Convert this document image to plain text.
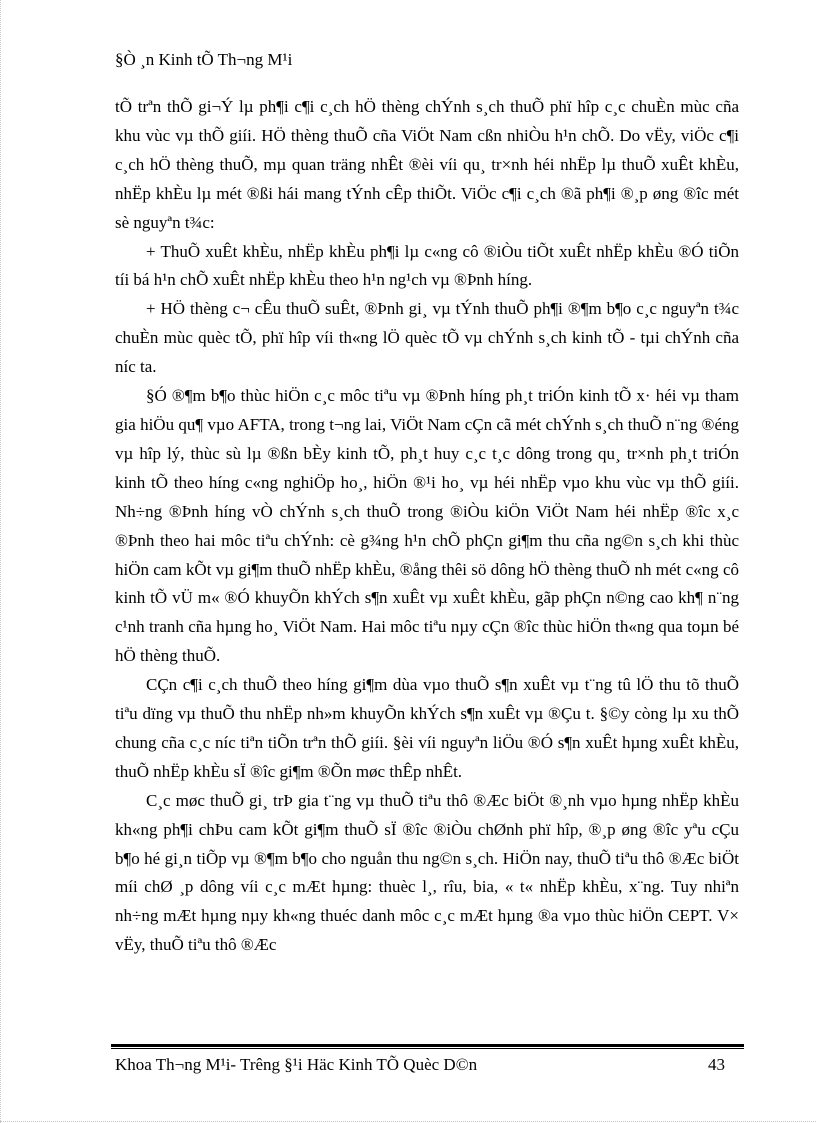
§Ò ¸n Kinh tÕ Th¬ng M¹i

tÕ trªn thÕ gi¬Ý lµ ph¶i c¶i c¸ch hÖ thèng chÝnh s¸ch thuÕ phï hîp c¸c chuÈn mùc cña khu vùc vµ thÕ giíi. HÖ thèng thuÕ cña ViÖt Nam cßn nhiÒu h¹n chÕ. Do vËy, viÖc c¶i c¸ch hÖ thèng thuÕ, mµ quan träng nhÊt ®èi víi qu¸ tr×nh héi nhËp lµ thuÕ xuÊt khÈu, nhËp khÈu lµ mét ®ßi hái mang tÝnh cÊp thiÕt. ViÖc c¶i c¸ch ®ã ph¶i ®¸p øng ®îc mét sè nguyªn t¾c:

+ ThuÕ xuÊt khÈu, nhËp khÈu ph¶i lµ c«ng cô ®iÒu tiÕt xuÊt nhËp khÈu ®Ó tiÕn tíi bá h¹n chÕ xuÊt nhËp khÈu theo h¹n ng¹ch vµ ®Þnh híng.

+ HÖ thèng c¬ cÊu thuÕ suÊt, ®Þnh gi¸ vµ tÝnh thuÕ ph¶i ®¶m b¶o c¸c nguyªn t¾c chuÈn mùc quèc tÕ, phï hîp víi th«ng lÖ quèc tÕ vµ chÝnh s¸ch kinh tÕ - tµi chÝnh cña níc ta.

§Ó ®¶m b¶o thùc hiÖn c¸c môc tiªu vµ ®Þnh híng ph¸t triÓn kinh tÕ x· héi vµ tham gia hiÖu qu¶ vµo AFTA, trong t¬ng lai, ViÖt Nam cÇn cã mét chÝnh s¸ch thuÕ n¨ng ®éng vµ hîp lý, thùc sù lµ ®ßn bÈy kinh tÕ, ph¸t huy c¸c t¸c dông trong qu¸ tr×nh ph¸t triÓn kinh tÕ theo híng c«ng nghiÖp ho¸, hiÖn ®¹i ho¸ vµ héi nhËp vµo khu vùc vµ thÕ giíi. Nh÷ng ®Þnh híng vÒ chÝnh s¸ch thuÕ trong ®iÒu kiÖn ViÖt Nam héi nhËp ®îc x¸c ®Þnh theo hai môc tiªu chÝnh: cè g¾ng h¹n chÕ phÇn gi¶m thu cña ng©n s¸ch khi thùc hiÖn cam kÕt vµ gi¶m thuÕ nhËp khÈu, ®ång thêi sö dông hÖ thèng thuÕ nh mét c«ng cô kinh tÕ vÜ m« ®Ó khuyÕn khÝch s¶n xuÊt vµ xuÊt khÈu, gãp phÇn n©ng cao kh¶ n¨ng c¹nh tranh cña hµng ho¸ ViÖt Nam. Hai môc tiªu nµy cÇn ®îc thùc hiÖn th«ng qua toµn bé hÖ thèng thuÕ.

CÇn c¶i c¸ch thuÕ theo híng gi¶m dùa vµo thuÕ s¶n xuÊt vµ t¨ng tû lÖ thu tõ thuÕ tiªu dïng vµ thuÕ thu nhËp nh»m khuyÕn khÝch s¶n xuÊt vµ ®Çu t. §©y còng lµ xu thÕ chung cña c¸c níc tiªn tiÕn trªn thÕ giíi. §èi víi nguyªn liÖu ®Ó s¶n xuÊt hµng xuÊt khÈu, thuÕ nhËp khÈu sÏ ®îc gi¶m ®Õn møc thÊp nhÊt.

C¸c møc thuÕ gi¸ trÞ gia t¨ng vµ thuÕ tiªu thô ®Æc biÖt ®¸nh vµo hµng nhËp khÈu kh«ng ph¶i chÞu cam kÕt gi¶m thuÕ sÏ ®îc ®iÒu chØnh phï hîp, ®¸p øng ®îc yªu cÇu b¶o hé gi¸n tiÕp vµ ®¶m b¶o cho nguån thu ng©n s¸ch. HiÖn nay, thuÕ tiªu thô ®Æc biÖt míi chØ ¸p dông víi c¸c mÆt hµng: thuèc l¸, rîu, bia, « t« nhËp khÈu, x¨ng. Tuy nhiªn nh÷ng mÆt hµng nµy kh«ng thuéc danh môc c¸c mÆt hµng ®a vµo thùc hiÖn CEPT. V× vËy, thuÕ tiªu thô ®Æc

Khoa Th¬ng M¹i- Trêng §¹i Häc Kinh TÕ Quèc D©n	43
